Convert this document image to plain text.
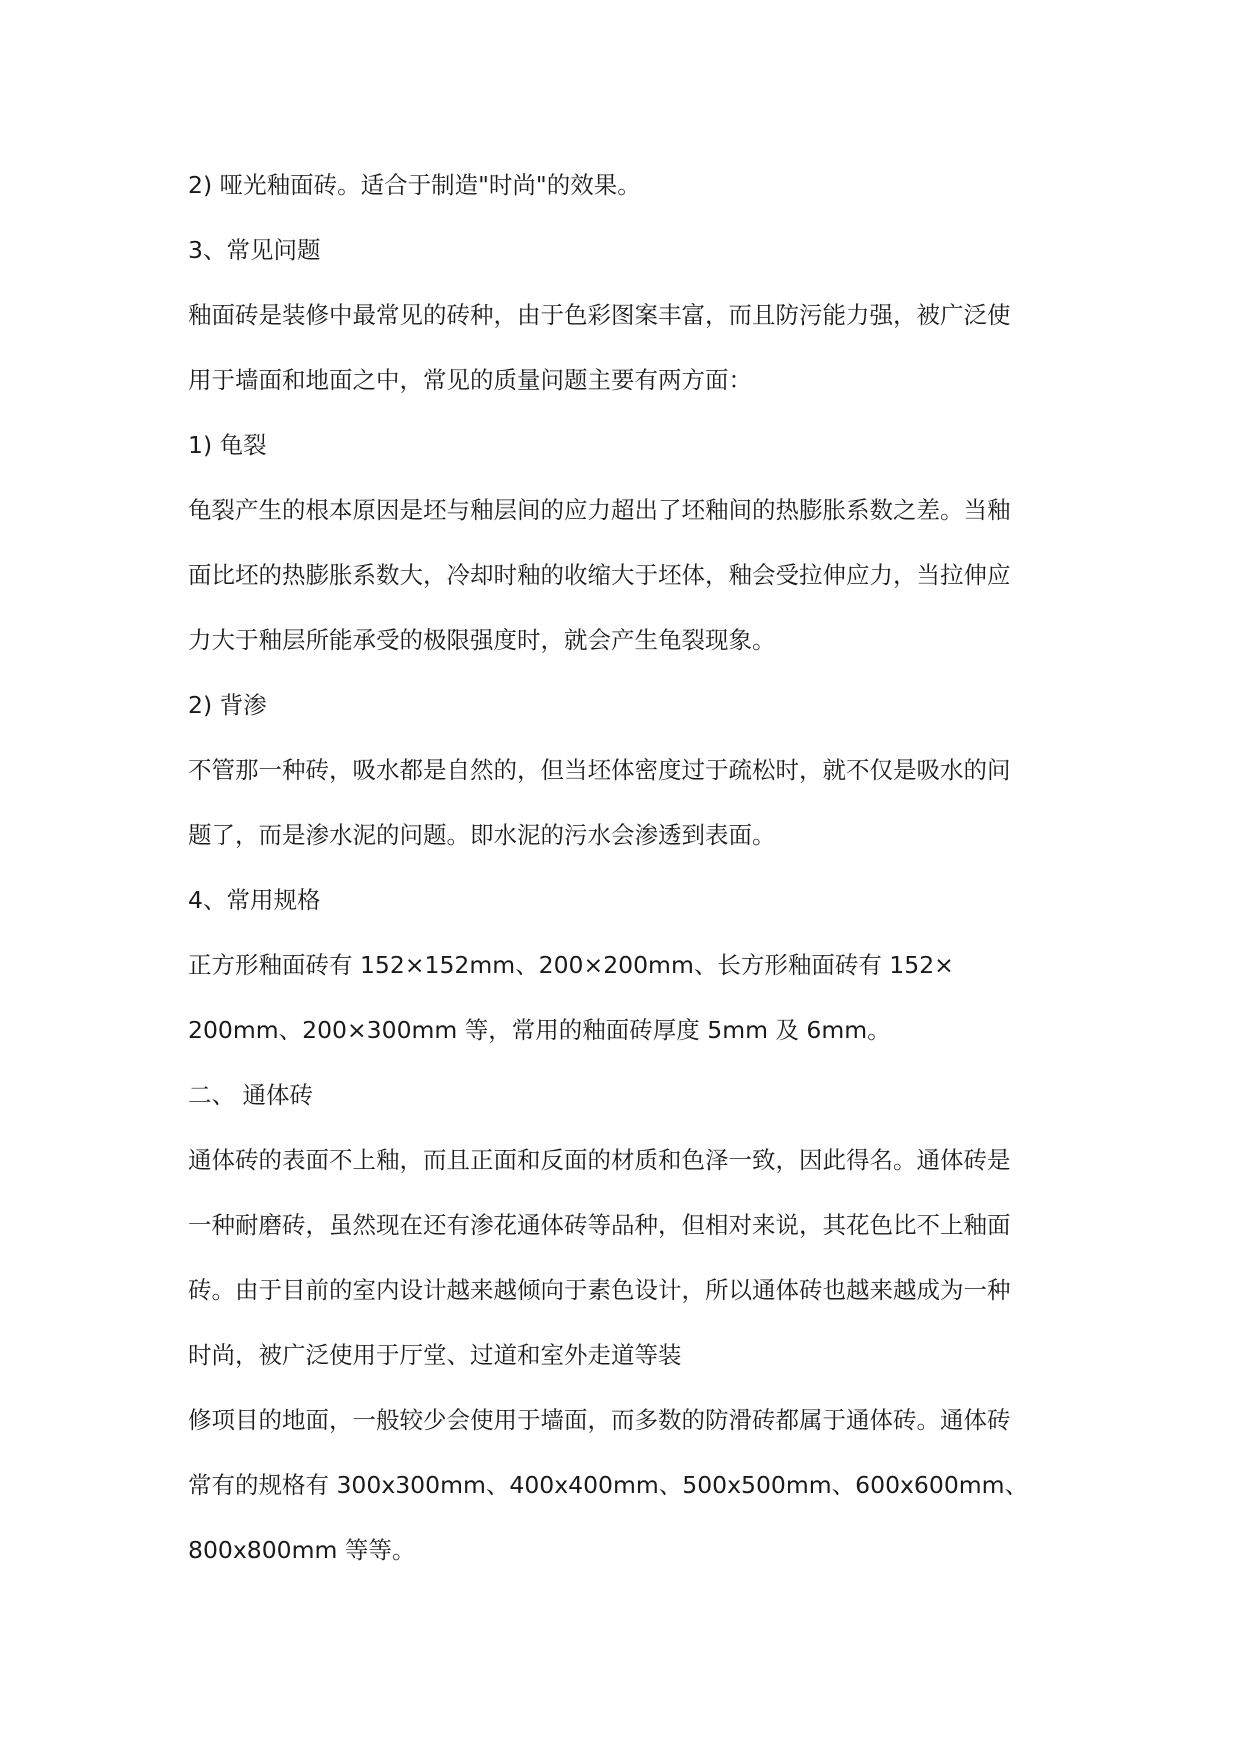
2) 哑光釉面砖。适合于制造"时尚"的效果。
3、常见问题
釉面砖是装修中最常见的砖种，由于色彩图案丰富，而且防污能力强，被广泛使
用于墙面和地面之中，常见的质量问题主要有两方面：
1) 龟裂
龟裂产生的根本原因是坯与釉层间的应力超出了坯釉间的热膨胀系数之差。当釉
面比坯的热膨胀系数大，冷却时釉的收缩大于坯体，釉会受拉伸应力，当拉伸应
力大于釉层所能承受的极限强度时，就会产生龟裂现象。
2) 背渗
不管那一种砖，吸水都是自然的，但当坯体密度过于疏松时，就不仅是吸水的问
题了，而是渗水泥的问题。即水泥的污水会渗透到表面。
4、常用规格
正方形釉面砖有 152×152mm、200×200mm、长方形釉面砖有 152×
200mm、200×300mm 等，常用的釉面砖厚度 5mm 及 6mm。
二、 通体砖
通体砖的表面不上釉，而且正面和反面的材质和色泽一致，因此得名。通体砖是
一种耐磨砖，虽然现在还有渗花通体砖等品种，但相对来说，其花色比不上釉面
砖。由于目前的室内设计越来越倾向于素色设计，所以通体砖也越来越成为一种
时尚，被广泛使用于厅堂、过道和室外走道等装
修项目的地面，一般较少会使用于墙面，而多数的防滑砖都属于通体砖。通体砖
常有的规格有 300x300mm、400x400mm、500x500mm、600x600mm、
800x800mm 等等。
